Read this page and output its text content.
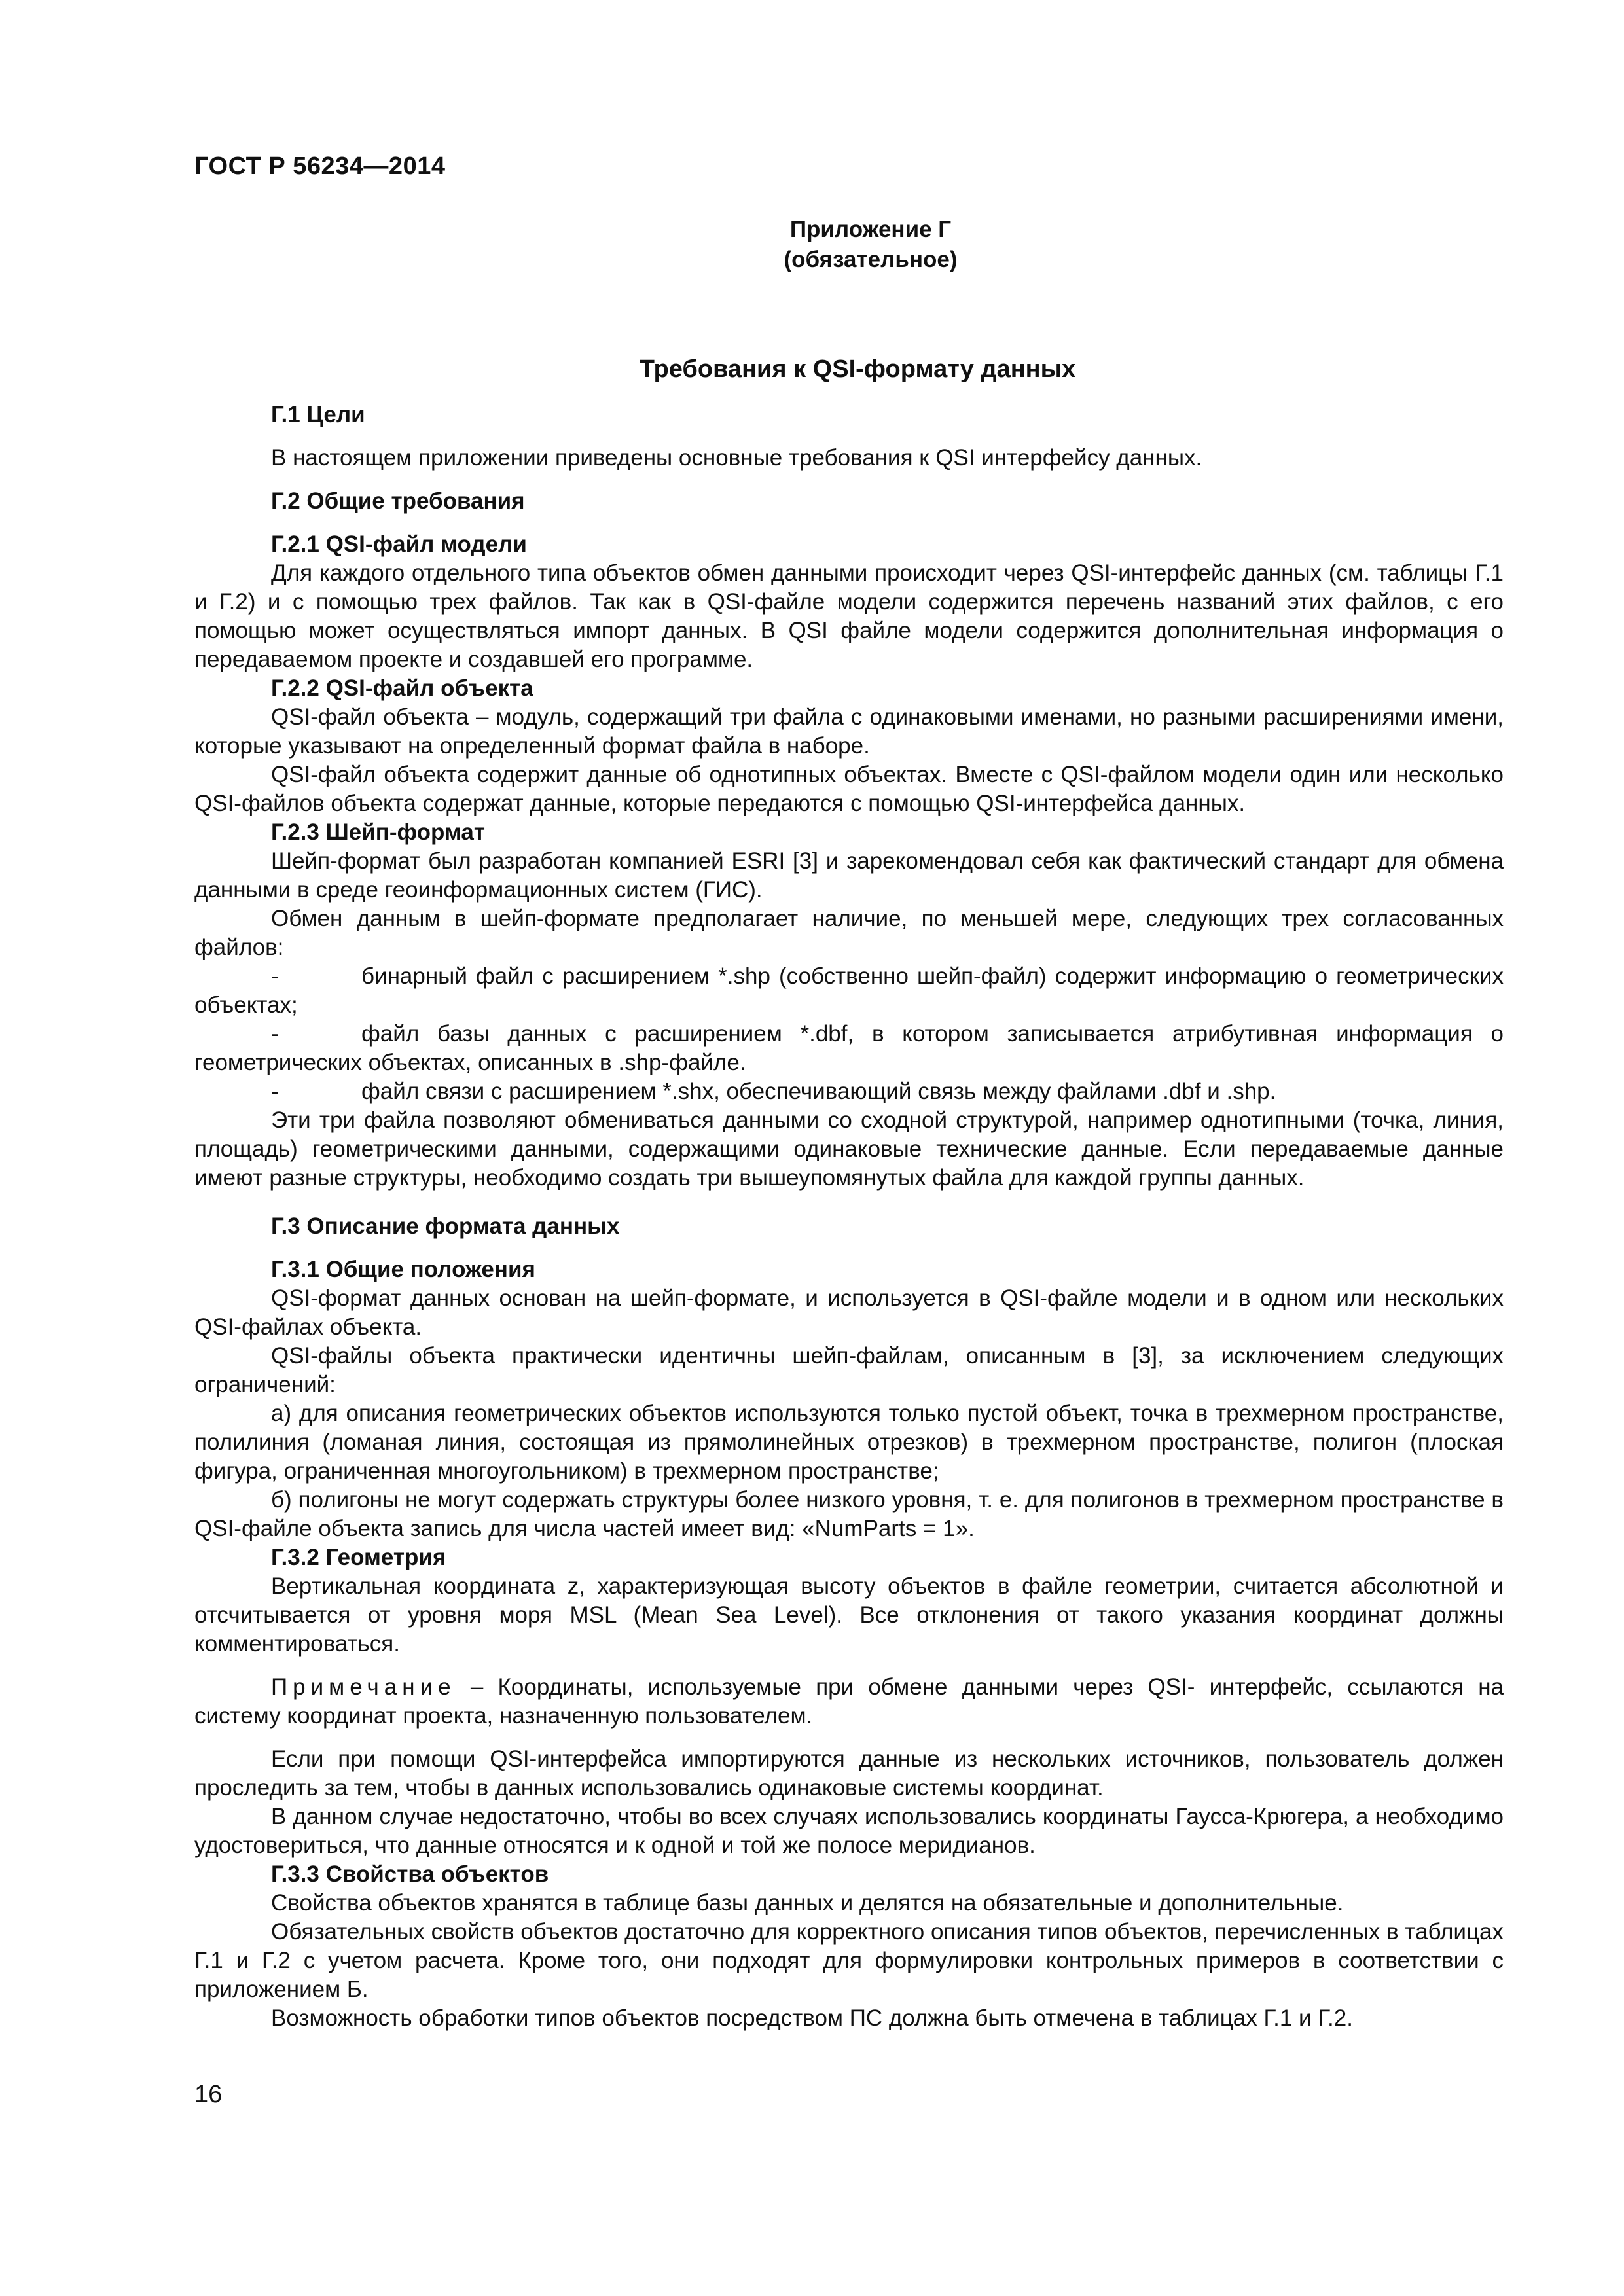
ГОСТ Р 56234—2014
Приложение Г
(обязательное)
Требования к QSI-формату данных
Г.1 Цели

В настоящем приложении приведены основные требования к QSI интерфейсу данных.

Г.2 Общие требования
Г.2.1 QSI-файл модели

Для каждого отдельного типа объектов обмен данными происходит через QSI-интерфейс данных (см. таблицы Г.1 и Г.2) и с помощью трех файлов. Так как в QSI-файле модели содержится перечень названий этих файлов, с его помощью может осуществляться импорт данных. В QSI файле модели содержится дополнительная информация о передаваемом проекте и создавшей его программе.

Г.2.2 QSI-файл объекта

QSI-файл объекта – модуль, содержащий три файла с одинаковыми именами, но разными расширениями имени, которые указывают на определенный формат файла в наборе.

QSI-файл объекта содержит данные об однотипных объектах. Вместе с QSI-файлом модели один или несколько QSI-файлов объекта содержат данные, которые передаются с помощью QSI-интерфейса данных.

Г.2.3 Шейп-формат

Шейп-формат был разработан компанией ESRI [3] и зарекомендовал себя как фактический стандарт для обмена данными в среде геоинформационных систем (ГИС).

Обмен данным в шейп-формате предполагает наличие, по меньшей мере, следующих трех согласованных файлов:

-	бинарный файл с расширением *.shp (собственно шейп-файл) содержит информацию о геометрических объектах;
-	файл базы данных с расширением *.dbf, в котором записывается атрибутивная информация о геометрических объектах, описанных в .shp-файле.
-	файл связи с расширением *.shx, обеспечивающий связь между файлами .dbf и .shp.

Эти три файла позволяют обмениваться данными со сходной структурой, например однотипными (точка, линия, площадь) геометрическими данными, содержащими одинаковые технические данные. Если передаваемые данные имеют разные структуры, необходимо создать три вышеупомянутых файла для каждой группы данных.

Г.3 Описание формата данных
Г.3.1 Общие положения

QSI-формат данных основан на шейп-формате, и используется в QSI-файле модели и в одном или нескольких QSI-файлах объекта.

QSI-файлы объекта практически идентичны шейп-файлам, описанным в [3], за исключением следующих ограничений:

а) для описания геометрических объектов используются только пустой объект, точка в трехмерном пространстве, полилиния (ломаная линия, состоящая из прямолинейных отрезков) в трехмерном пространстве, полигон (плоская фигура, ограниченная многоугольником) в трехмерном пространстве;

б) полигоны не могут содержать структуры более низкого уровня, т. е. для полигонов в трехмерном пространстве в QSI-файле объекта запись для числа частей имеет вид: «NumParts = 1».

Г.3.2 Геометрия

Вертикальная координата z, характеризующая высоту объектов в файле геометрии, считается абсолютной и отсчитывается от уровня моря MSL (Mean Sea Level). Все отклонения от такого указания координат должны комментироваться.

Примечание – Координаты, используемые при обмене данными через QSI- интерфейс, ссылаются на систему координат проекта, назначенную пользователем.

Если при помощи QSI-интерфейса импортируются данные из нескольких источников, пользователь должен проследить за тем, чтобы в данных использовались одинаковые системы координат.

В данном случае недостаточно, чтобы во всех случаях использовались координаты Гаусса-Крюгера, а необходимо удостовериться, что данные относятся и к одной и той же полосе меридианов.

Г.3.3 Свойства объектов

Свойства объектов хранятся в таблице базы данных и делятся на обязательные и дополнительные.

Обязательных свойств объектов достаточно для корректного описания типов объектов, перечисленных в таблицах Г.1 и Г.2 с учетом расчета. Кроме того, они подходят для формулировки контрольных примеров в соответствии с приложением Б.

Возможность обработки типов объектов посредством ПС должна быть отмечена в таблицах Г.1 и Г.2.

16
